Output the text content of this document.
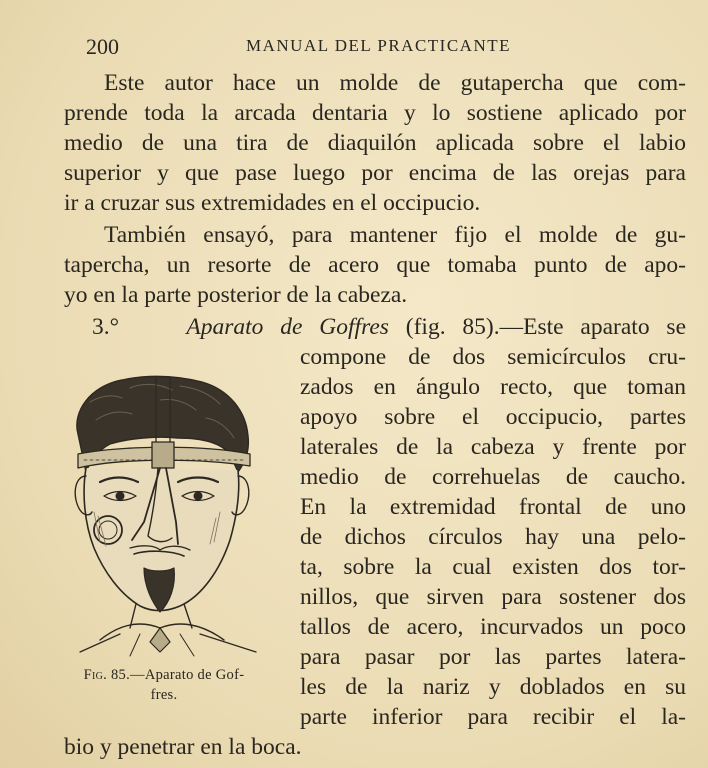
200	MANUAL DEL PRACTICANTE
Este autor hace un molde de gutapercha que com-
prende toda la arcada dentaria y lo sostiene aplicado por
medio de una tira de diaquilón aplicada sobre el labio
superior y que pase luego por encima de las orejas para
ir a cruzar sus extremidades en el occipucio.
También ensayó, para mantener fijo el molde de gu-
tapercha, un resorte de acero que tomaba punto de apo-
yo en la parte posterior de la cabeza.
3.°	Aparato de Goffres (fig. 85).—Este aparato se
compone de dos semicírculos cru-
zados en ángulo recto, que toman
apoyo sobre el occipucio, partes
laterales de la cabeza y frente por
medio de correhuelas de caucho.
En la extremidad frontal de uno
de dichos círculos hay una pelo-
ta, sobre la cual existen dos tor-
nillos, que sirven para sostener dos
tallos de acero, incurvados un poco
para pasar por las partes latera-
les de la nariz y doblados en su
parte inferior para recibir el la-
bio y penetrar en la boca.
Fig. 85.—Aparato de Gof-
fres.
